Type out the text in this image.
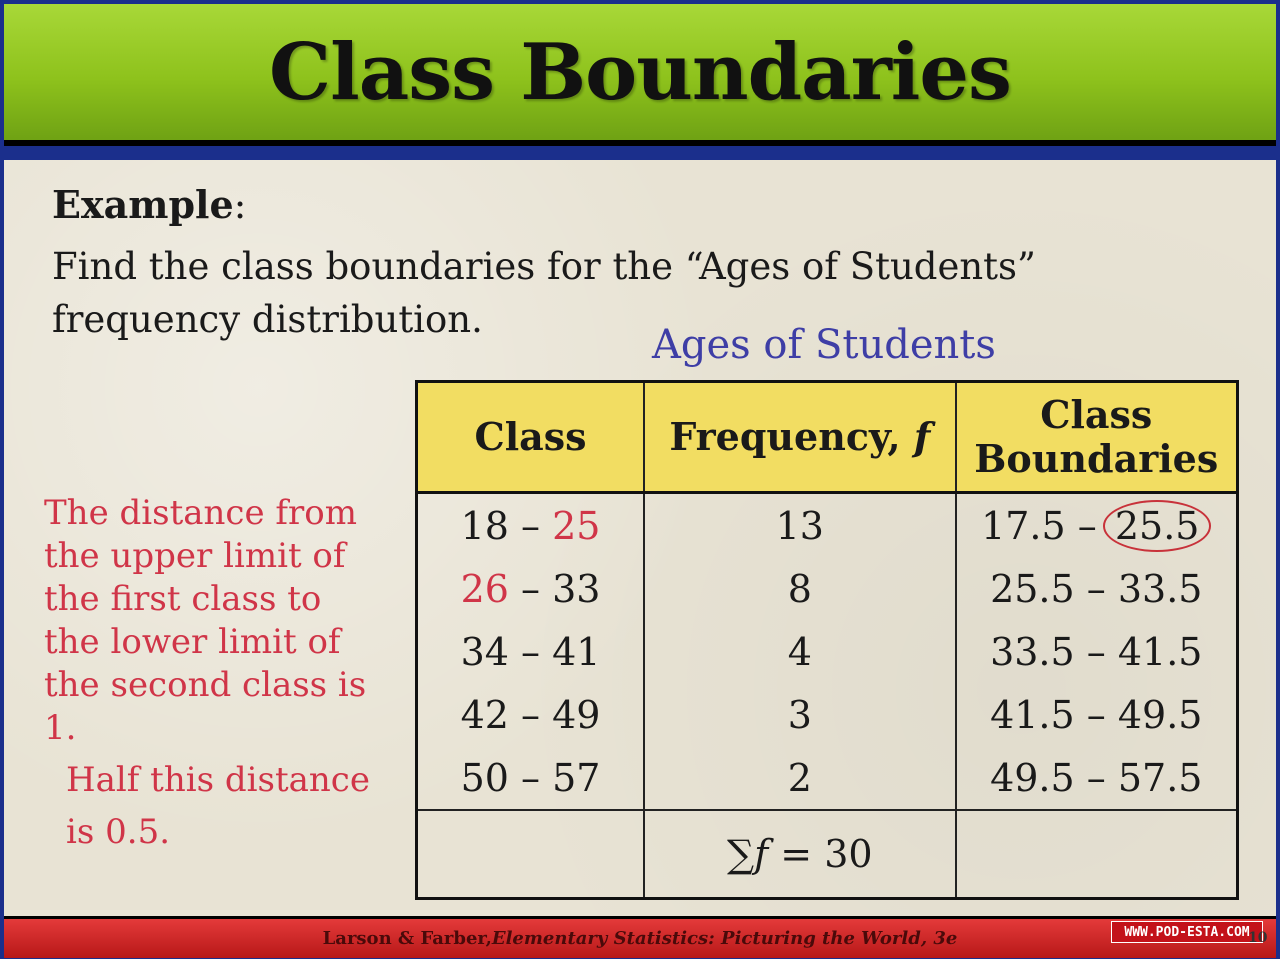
Class Boundaries
Example:
Find the class boundaries for the “Ages of Students” frequency distribution.
Ages of Students
The distance from the upper limit of the first class to the lower limit of the second class is 1.
Half this distance is 0.5.
Class	Frequency, f	Class
Boundaries
18 – 25	13	17.5 – 25.5
26 – 33	8	25.5 – 33.5
34 – 41	4	33.5 – 41.5
42 – 49	3	41.5 – 49.5
50 – 57	2	49.5 – 57.5
	∑f = 30	
Larson & Farber, Elementary Statistics: Picturing the World, 3e	WWW.POD-ESTA.COM
10
